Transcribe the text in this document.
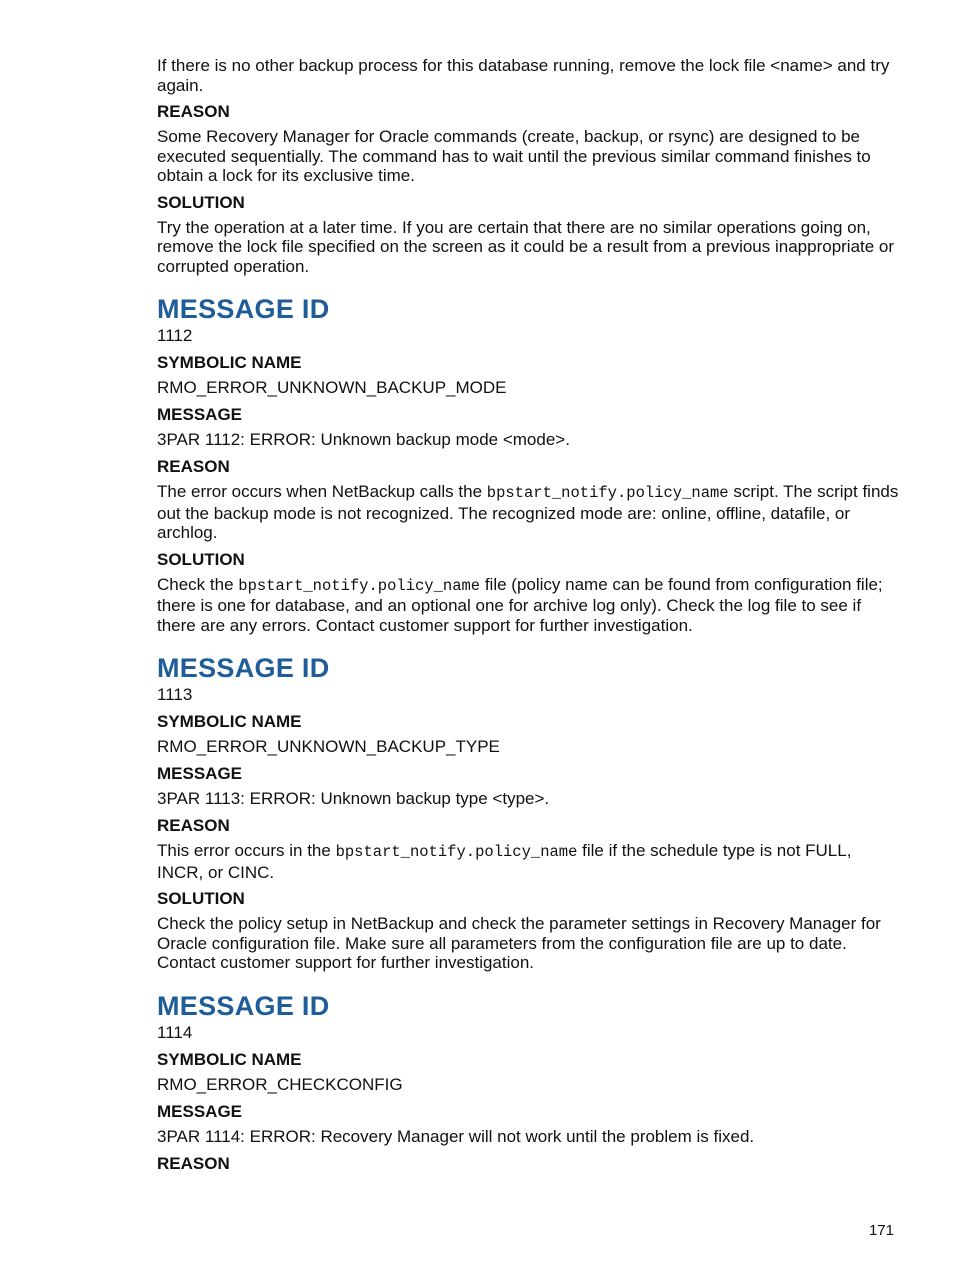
If there is no other backup process for this database running, remove the lock file <name> and try again.

REASON

Some Recovery Manager for Oracle commands (create, backup, or rsync) are designed to be executed sequentially. The command has to wait until the previous similar command finishes to obtain a lock for its exclusive time.

SOLUTION

Try the operation at a later time. If you are certain that there are no similar operations going on, remove the lock file specified on the screen as it could be a result from a previous inappropriate or corrupted operation.

MESSAGE ID

1112

SYMBOLIC NAME

RMO_ERROR_UNKNOWN_BACKUP_MODE

MESSAGE

3PAR 1112: ERROR: Unknown backup mode <mode>.

REASON

The error occurs when NetBackup calls the bpstart_notify.policy_name script. The script finds out the backup mode is not recognized. The recognized mode are: online, offline, datafile, or archlog.

SOLUTION

Check the bpstart_notify.policy_name file (policy name can be found from configuration file; there is one for database, and an optional one for archive log only). Check the log file to see if there are any errors. Contact customer support for further investigation.

MESSAGE ID

1113

SYMBOLIC NAME

RMO_ERROR_UNKNOWN_BACKUP_TYPE

MESSAGE

3PAR 1113: ERROR: Unknown backup type <type>.

REASON

This error occurs in the bpstart_notify.policy_name file if the schedule type is not FULL, INCR, or CINC.

SOLUTION

Check the policy setup in NetBackup and check the parameter settings in Recovery Manager for Oracle configuration file. Make sure all parameters from the configuration file are up to date. Contact customer support for further investigation.

MESSAGE ID

1114

SYMBOLIC NAME

RMO_ERROR_CHECKCONFIG

MESSAGE

3PAR 1114: ERROR: Recovery Manager will not work until the problem is fixed.

REASON

171
